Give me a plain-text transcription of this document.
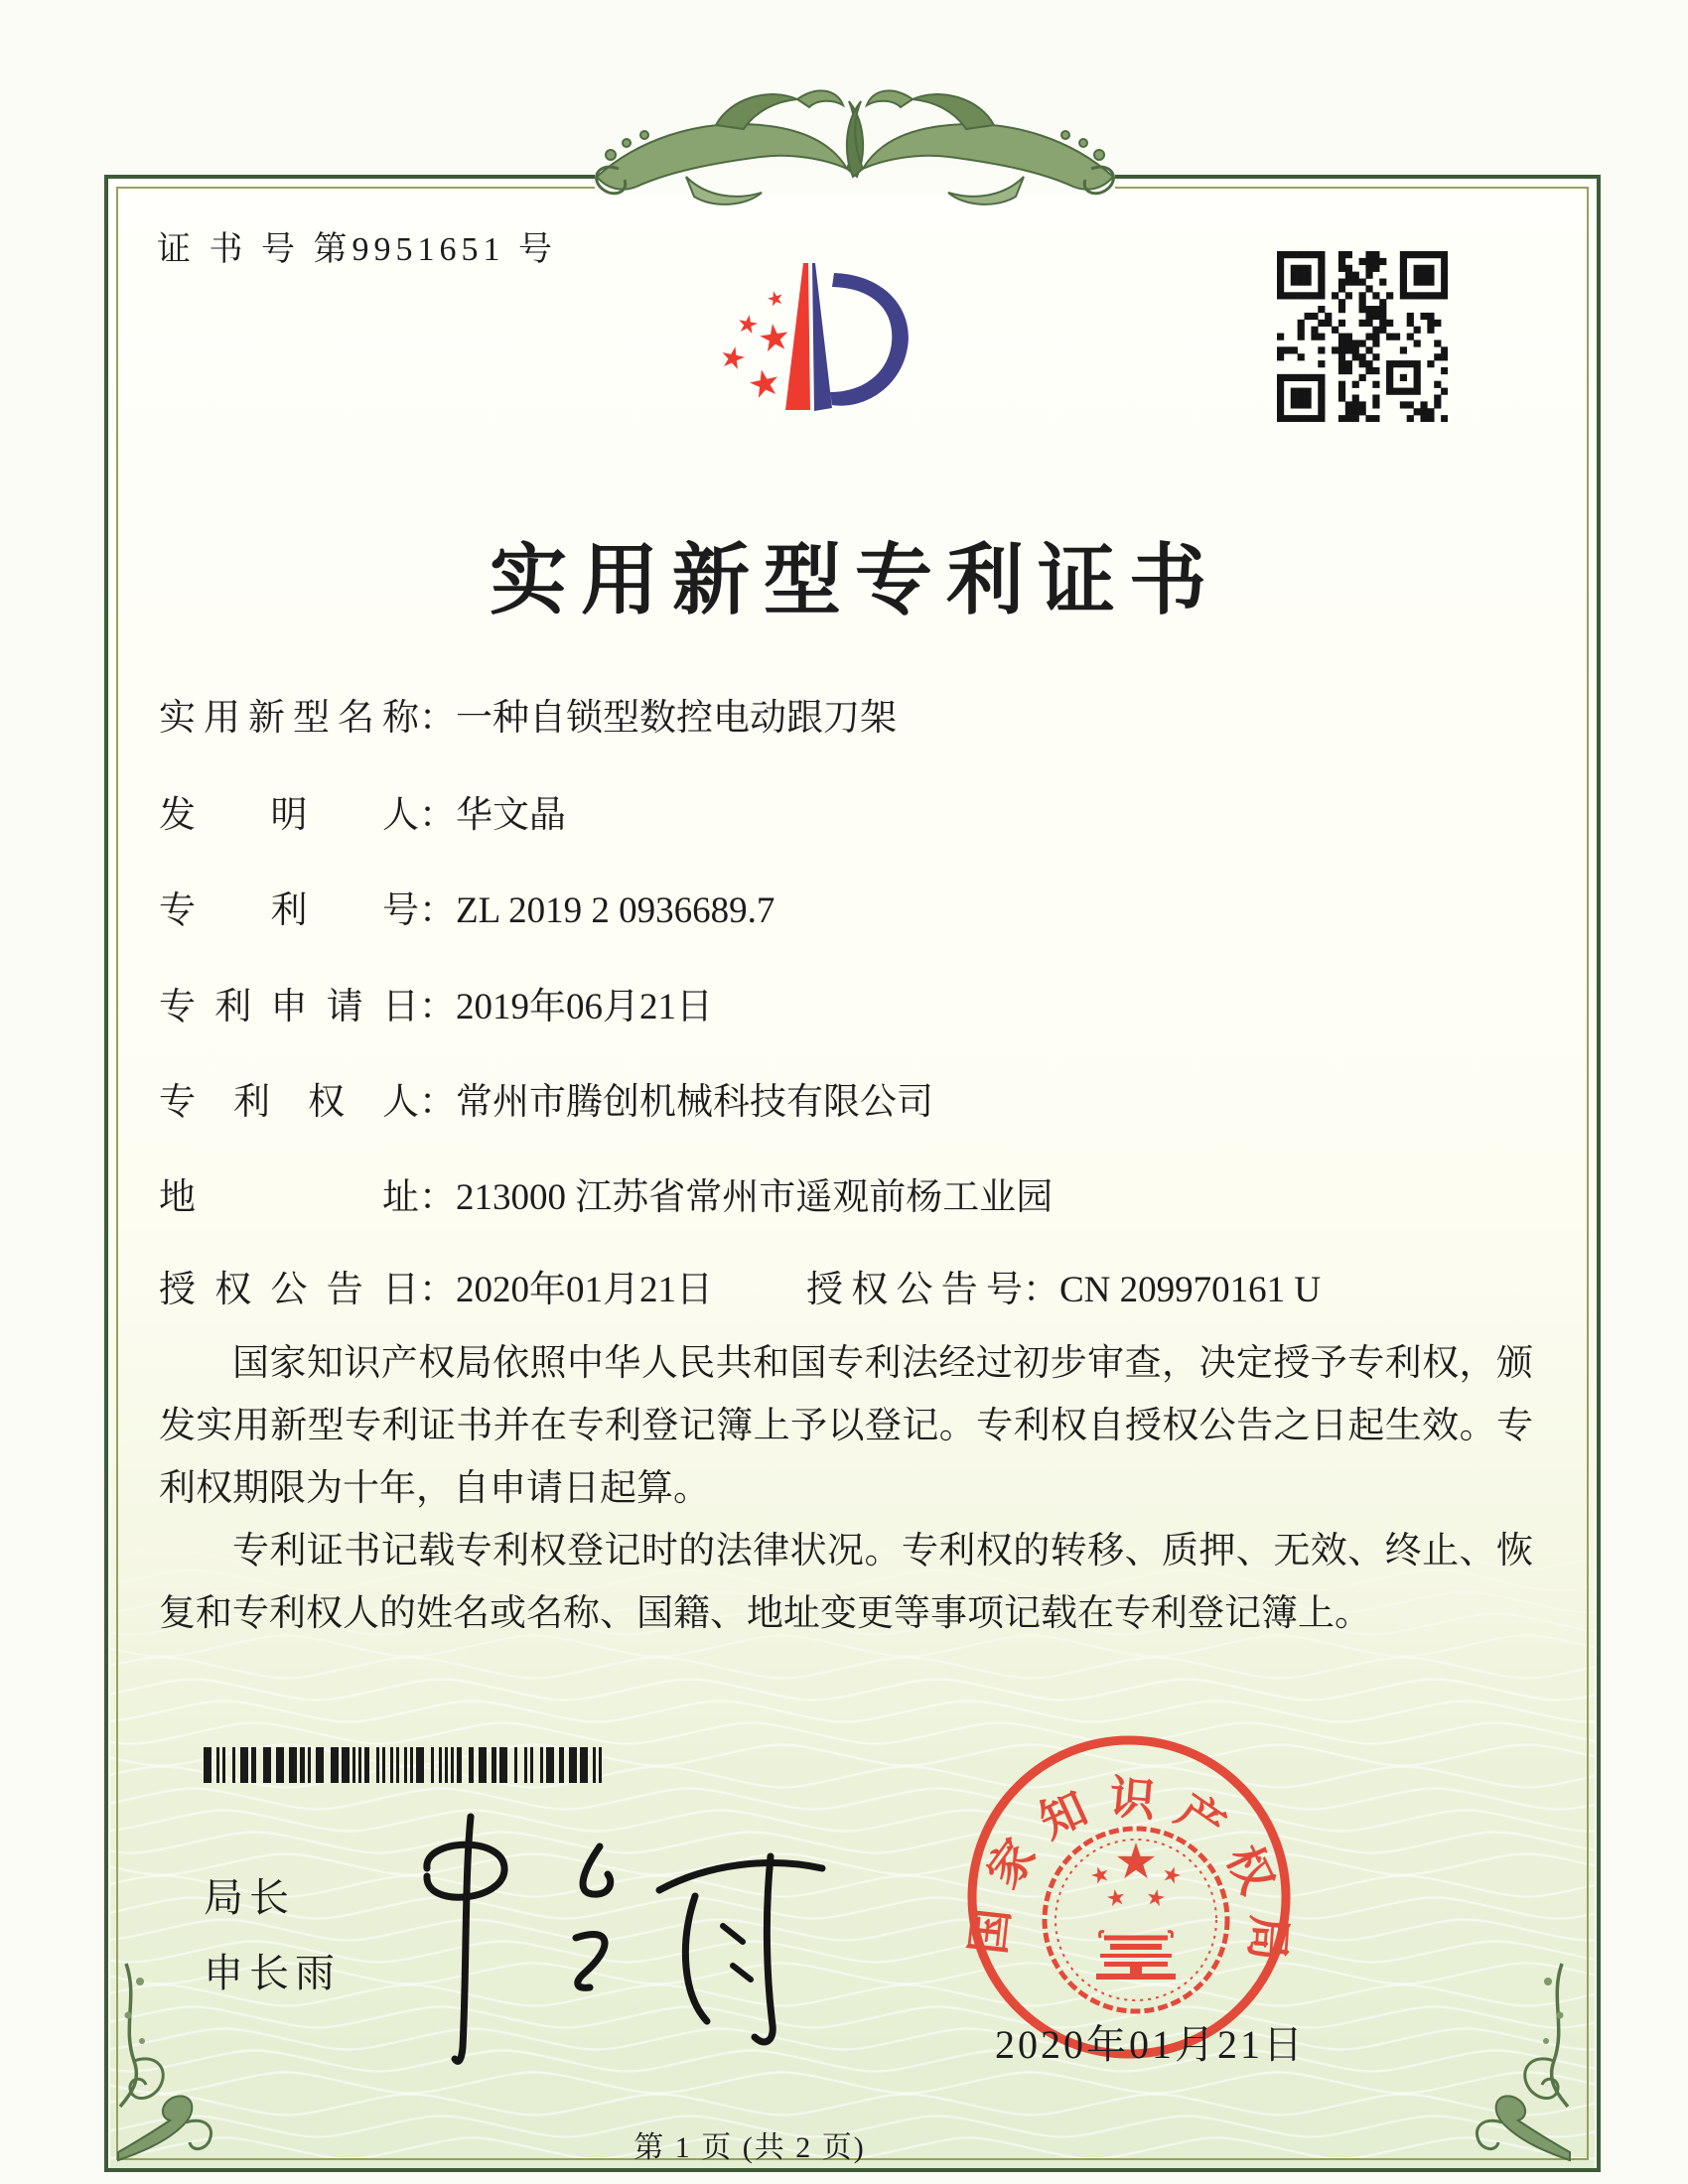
证 书 号 第9951651 号
实用新型专利证书
实 用 新 型 名 称 ： 一种自锁型数控电动跟刀架
发 明 人 ： 华文晶
专 利 号 ： ZL 2019 2 0936689.7
专 利 申 请 日 ： 2019年06月21日
专 利 权 人 ： 常州市腾创机械科技有限公司
地	址 ： 213000 江苏省常州市遥观前杨工业园
授 权 公 告 日 ： 2020年01月21日	授 权 公 告 号 ： CN 209970161 U

国家知识产权局依照中华人民共和国专利法经过初步审查，决定授予专利权，颁发实用新型专利证书并在专利登记簿上予以登记。专利权自授权公告之日起生效。专利权期限为十年，自申请日起算。

专利证书记载专利权登记时的法律状况。专利权的转移、质押、无效、终止、恢复和专利权人的姓名或名称、国籍、地址变更等事项记载在专利登记簿上。

局长
申长雨
国家知识产权局
2020年01月21日
第 1 页 (共 2 页)
